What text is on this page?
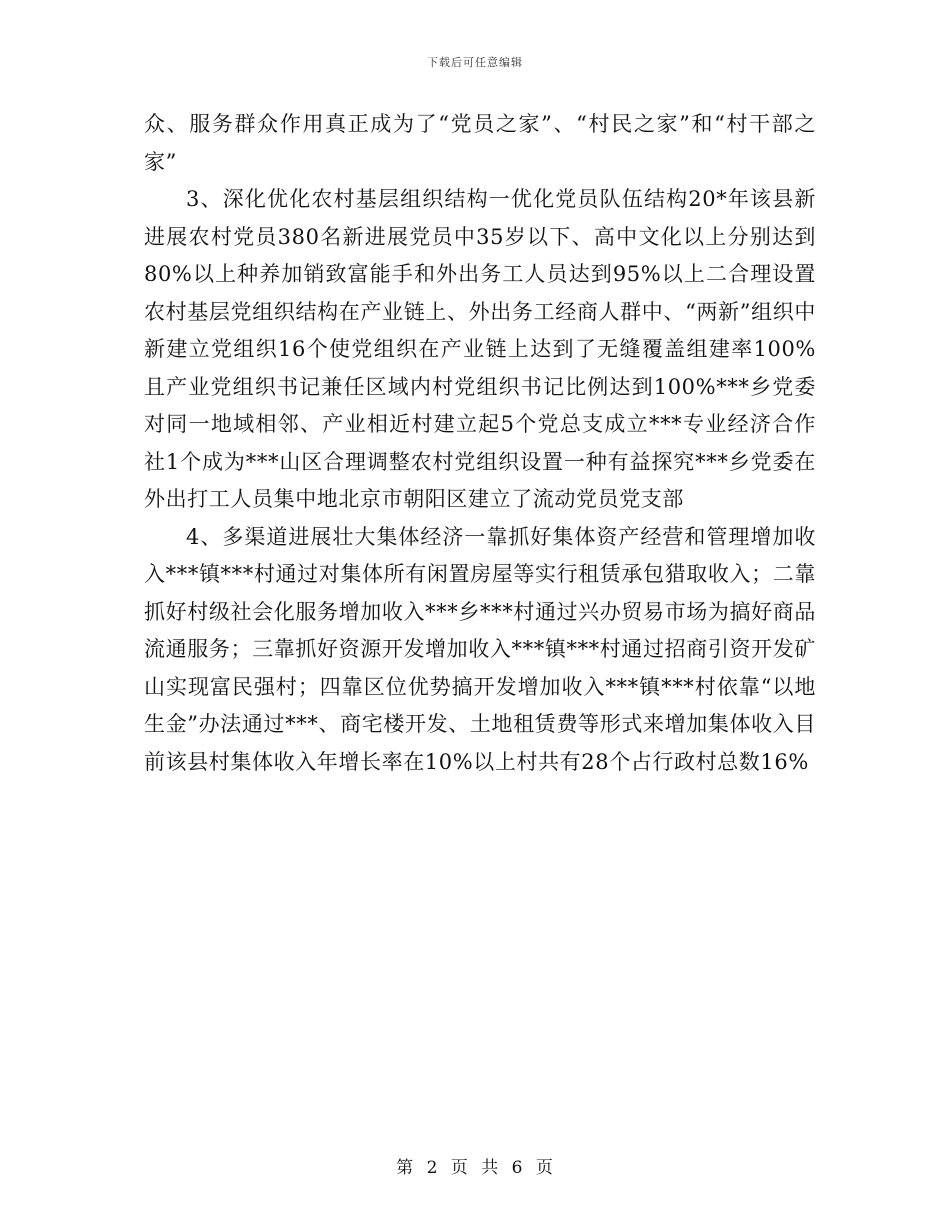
下载后可任意编辑

众、服务群众作用真正成为了“党员之家”、“村民之家”和“村干部之家”

3、深化优化农村基层组织结构一优化党员队伍结构20*年该县新进展农村党员380名新进展党员中35岁以下、高中文化以上分别达到80%以上种养加销致富能手和外出务工人员达到95%以上二合理设置农村基层党组织结构在产业链上、外出务工经商人群中、“两新”组织中新建立党组织16个使党组织在产业链上达到了无缝覆盖组建率100%且产业党组织书记兼任区域内村党组织书记比例达到100%***乡党委对同一地域相邻、产业相近村建立起5个党总支成立***专业经济合作社1个成为***山区合理调整农村党组织设置一种有益探究***乡党委在外出打工人员集中地北京市朝阳区建立了流动党员党支部

4、多渠道进展壮大集体经济一靠抓好集体资产经营和管理增加收入***镇***村通过对集体所有闲置房屋等实行租赁承包猎取收入；二靠抓好村级社会化服务增加收入***乡***村通过兴办贸易市场为搞好商品流通服务；三靠抓好资源开发增加收入***镇***村通过招商引资开发矿山实现富民强村；四靠区位优势搞开发增加收入***镇***村依靠“以地生金”办法通过***、商宅楼开发、土地租赁费等形式来增加集体收入目前该县村集体收入年增长率在10%以上村共有28个占行政村总数16%

第 2 页 共 6 页
